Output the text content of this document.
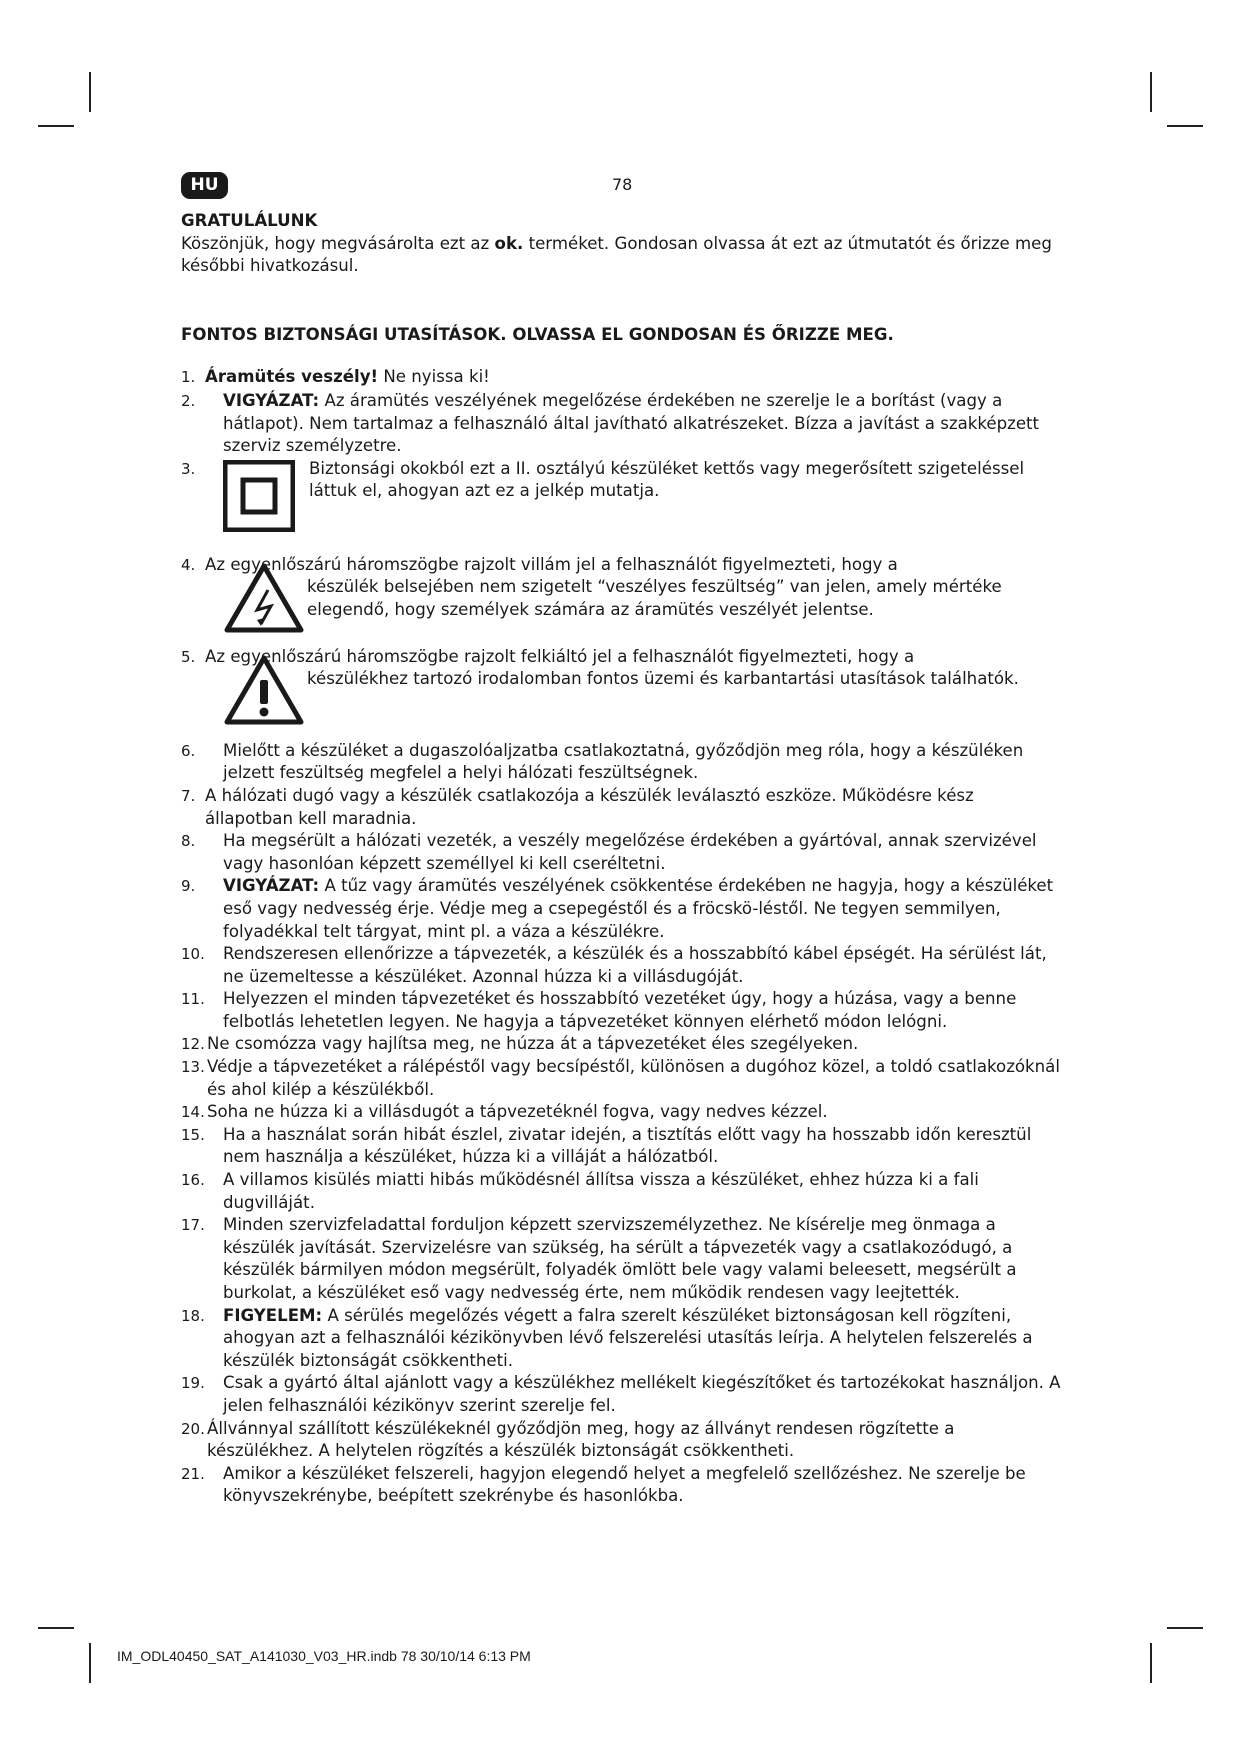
HU	78

GRATULÁLUNK

Köszönjük, hogy megvásárolta ezt az ok. terméket. Gondosan olvassa át ezt az útmutatót és őrizze meg későbbi hivatkozásul.

FONTOS BIZTONSÁGI UTASÍTÁSOK. OLVASSA EL GONDOSAN ÉS ŐRIZZE MEG.

1. Áramütés veszély! Ne nyissa ki!
2. VIGYÁZAT: Az áramütés veszélyének megelőzése érdekében ne szerelje le a borítást (vagy a hátlapot). Nem tartalmaz a felhasználó által javítható alkatrészeket. Bízza a javítást a szakképzett szerviz személyzetre.
3.	Biztonsági okokból ezt a II. osztályú készüléket kettős vagy megerősített szigeteléssel láttuk el, ahogyan azt ez a jelkép mutatja.
4. Az egyenlőszárú háromszögbe rajzolt villám jel a felhasználót figyelmezteti, hogy a
készülék belsejében nem szigetelt “veszélyes feszültség” van jelen, amely mértéke elegendő, hogy személyek számára az áramütés veszélyét jelentse.
5. Az egyenlőszárú háromszögbe rajzolt felkiáltó jel a felhasználót figyelmezteti, hogy a
készülékhez tartozó irodalomban fontos üzemi és karbantartási utasítások találhatók.
6. Mielőtt a készüléket a dugaszolóaljzatba csatlakoztatná, győződjön meg róla, hogy a készüléken jelzett feszültség megfelel a helyi hálózati feszültségnek.
7. A hálózati dugó vagy a készülék csatlakozója a készülék leválasztó eszköze. Működésre kész állapotban kell maradnia.
8. Ha megsérült a hálózati vezeték, a veszély megelőzése érdekében a gyártóval, annak szervizével vagy hasonlóan képzett személlyel ki kell cseréltetni.
9. VIGYÁZAT: A tűz vagy áramütés veszélyének csökkentése érdekében ne hagyja, hogy a készüléket eső vagy nedvesség érje. Védje meg a csepegéstől és a fröcskö-léstől. Ne tegyen semmilyen, folyadékkal telt tárgyat, mint pl. a váza a készülékre.
10. Rendszeresen ellenőrizze a tápvezeték, a készülék és a hosszabbító kábel épségét. Ha sérülést lát, ne üzemeltesse a készüléket. Azonnal húzza ki a villásdugóját.
11. Helyezzen el minden tápvezetéket és hosszabbító vezetéket úgy, hogy a húzása, vagy a benne felbotlás lehetetlen legyen. Ne hagyja a tápvezetéket könnyen elérhető módon lelógni.
12. Ne csomózza vagy hajlítsa meg, ne húzza át a tápvezetéket éles szegélyeken.
13. Védje a tápvezetéket a rálépéstől vagy becsípéstől, különösen a dugóhoz közel, a toldó csatlakozóknál és ahol kilép a készülékből.
14. Soha ne húzza ki a villásdugót a tápvezetéknél fogva, vagy nedves kézzel.
15. Ha a használat során hibát észlel, zivatar idején, a tisztítás előtt vagy ha hosszabb időn keresztül nem használja a készüléket, húzza ki a villáját a hálózatból.
16. A villamos kisülés miatti hibás működésnél állítsa vissza a készüléket, ehhez húzza ki a fali dugvilláját.
17. Minden szervizfeladattal forduljon képzett szervizszemélyzethez. Ne kísérelje meg önmaga a készülék javítását. Szervizelésre van szükség, ha sérült a tápvezeték vagy a csatlakozódugó, a készülék bármilyen módon megsérült, folyadék ömlött bele vagy valami beleesett, megsérült a burkolat, a készüléket eső vagy nedvesség érte, nem működik rendesen vagy leejtették.
18. FIGYELEM: A sérülés megelőzés végett a falra szerelt készüléket biztonságosan kell rögzíteni, ahogyan azt a felhasználói kézikönyvben lévő felszerelési utasítás leírja. A helytelen felszerelés a készülék biztonságát csökkentheti.
19. Csak a gyártó által ajánlott vagy a készülékhez mellékelt kiegészítőket és tartozékokat használjon. A jelen felhasználói kézikönyv szerint szerelje fel.
20. Állvánnyal szállított készülékeknél győződjön meg, hogy az állványt rendesen rögzítette a készülékhez. A helytelen rögzítés a készülék biztonságát csökkentheti.
21. Amikor a készüléket felszereli, hagyjon elegendő helyet a megfelelő szellőzéshez. Ne szerelje be könyvszekrénybe, beépített szekrénybe és hasonlókba.
IM_ODL40450_SAT_A141030_V03_HR.indb 78 30/10/14 6:13 PM
